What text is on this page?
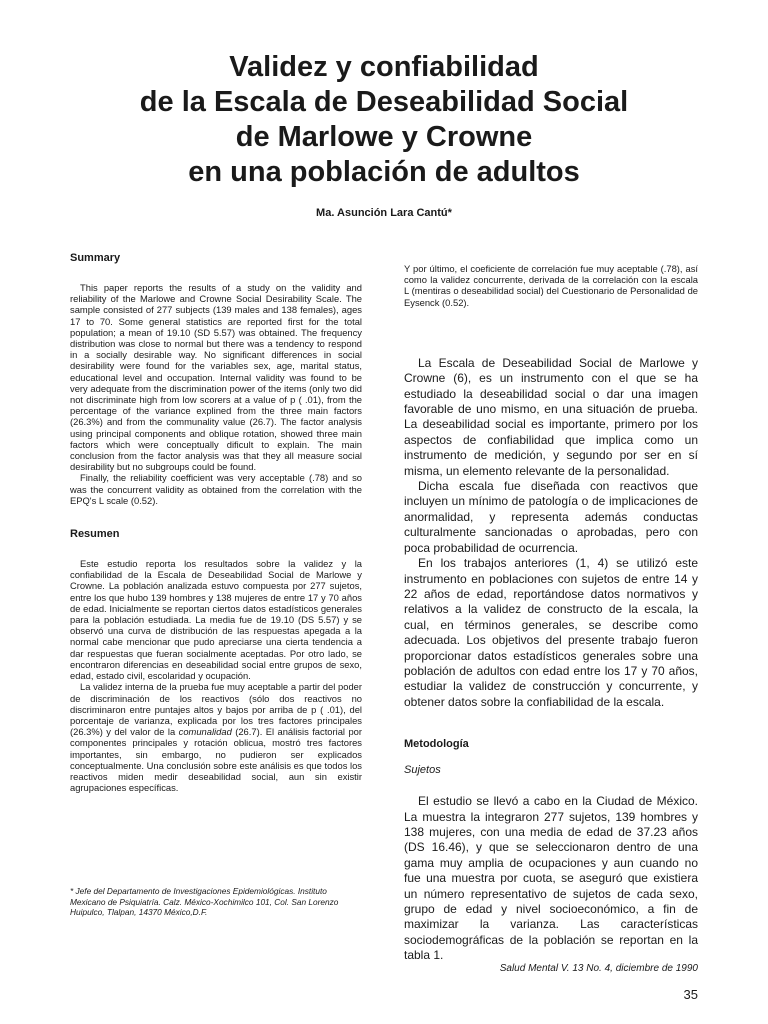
Validez y confiabilidad
de la Escala de Deseabilidad Social
de Marlowe y Crowne
en una población de adultos
Ma. Asunción Lara Cantú*
Summary

This paper reports the results of a study on the validity and reliability of the Marlowe and Crowne Social Desirability Scale. The sample consisted of 277 subjects (139 males and 138 females), ages 17 to 70. Some general statistics are reported first for the total population; a mean of 19.10 (SD 5.57) was obtained. The frequency distribution was close to normal but there was a tendency to respond in a socially desirable way. No significant differences in social desirability were found for the variables sex, age, marital status, educational level and occupation. Internal validity was found to be very adequate from the discrimination power of the items (only two did not discriminate high from low scorers at a value of p ( .01), from the percentage of the variance explined from the three main factors (26.3%) and from the communality value (26.7). The factor analysis using principal components and oblique rotation, showed three main factors which were conceptually dificult to explain. The main conclusion from the factor analysis was that they all measure social desirability but no subgroups could be found.

Finally, the reliability coefficient was very acceptable (.78) and so was the concurrent validity as obtained from the correlation with the EPQ's L scale (0.52).

Resumen

Este estudio reporta los resultados sobre la validez y la confiabilidad de la Escala de Deseabilidad Social de Marlowe y Crowne. La población analizada estuvo compuesta por 277 sujetos, entre los que hubo 139 hombres y 138 mujeres de entre 17 y 70 años de edad. Inicialmente se reportan ciertos datos estadísticos generales para la población estudiada. La media fue de 19.10 (DS 5.57) y se observó una curva de distribución de las respuestas apegada a la normal cabe mencionar que pudo apreciarse una cierta tendencia a dar respuestas que fueran socialmente aceptadas. Por otro lado, se encontraron diferencias en deseabilidad social entre grupos de sexo, edad, estado civil, escolaridad y ocupación.

La validez interna de la prueba fue muy aceptable a partir del poder de discriminación de los reactivos (sólo dos reactivos no discriminaron entre puntajes altos y bajos por arriba de p ( .01), del porcentaje de varianza, explicada por los tres factores principales (26.3%) y del valor de la comunalidad (26.7). El análisis factorial por componentes principales y rotación oblicua, mostró tres factores importantes, sin embargo, no pudieron ser explicados conceptualmente. Una conclusión sobre este análisis es que todos los reactivos miden medir deseabilidad social, aun sin existir agrupaciones específicas.

* Jefe del Departamento de Investigaciones Epidemiológicas. Instituto Mexicano de Psiquiatría. Calz. México-Xochimilco 101, Col. San Lorenzo Huipulco, Tlalpan, 14370 México,D.F.

Y por último, el coeficiente de correlación fue muy aceptable (.78), así como la validez concurrente, derivada de la correlación con la escala L (mentiras o deseabilidad social) del Cuestionario de Personalidad de Eysenck (0.52).

La Escala de Deseabilidad Social de Marlowe y Crowne (6), es un instrumento con el que se ha estudiado la deseabilidad social o dar una imagen favorable de uno mismo, en una situación de prueba. La deseabilidad social es importante, primero por los aspectos de confiabilidad que implica como un instrumento de medición, y segundo por ser en sí misma, un elemento relevante de la personalidad.

Dicha escala fue diseñada con reactivos que incluyen un mínimo de patología o de implicaciones de anormalidad, y representa además conductas culturalmente sancionadas o aprobadas, pero con poca probabilidad de ocurrencia.

En los trabajos anteriores (1, 4) se utilizó este instrumento en poblaciones con sujetos de entre 14 y 22 años de edad, reportándose datos normativos y relativos a la validez de constructo de la escala, la cual, en términos generales, se describe como adecuada. Los objetivos del presente trabajo fueron proporcionar datos estadísticos generales sobre una población de adultos con edad entre los 17 y 70 años, estudiar la validez de construcción y concurrente, y obtener datos sobre la confiabilidad de la escala.

Metodología
Sujetos

El estudio se llevó a cabo en la Ciudad de México. La muestra la integraron 277 sujetos, 139 hombres y 138 mujeres, con una media de edad de 37.23 años (DS 16.46), y que se seleccionaron dentro de una gama muy amplia de ocupaciones y aun cuando no fue una muestra por cuota, se aseguró que existiera un número representativo de sujetos de cada sexo, grupo de edad y nivel socioeconómico, a fin de maximizar la varianza. Las características sociodemográficas de la población se reportan en la tabla 1.

Salud Mental V. 13 No. 4, diciembre de 1990
35
